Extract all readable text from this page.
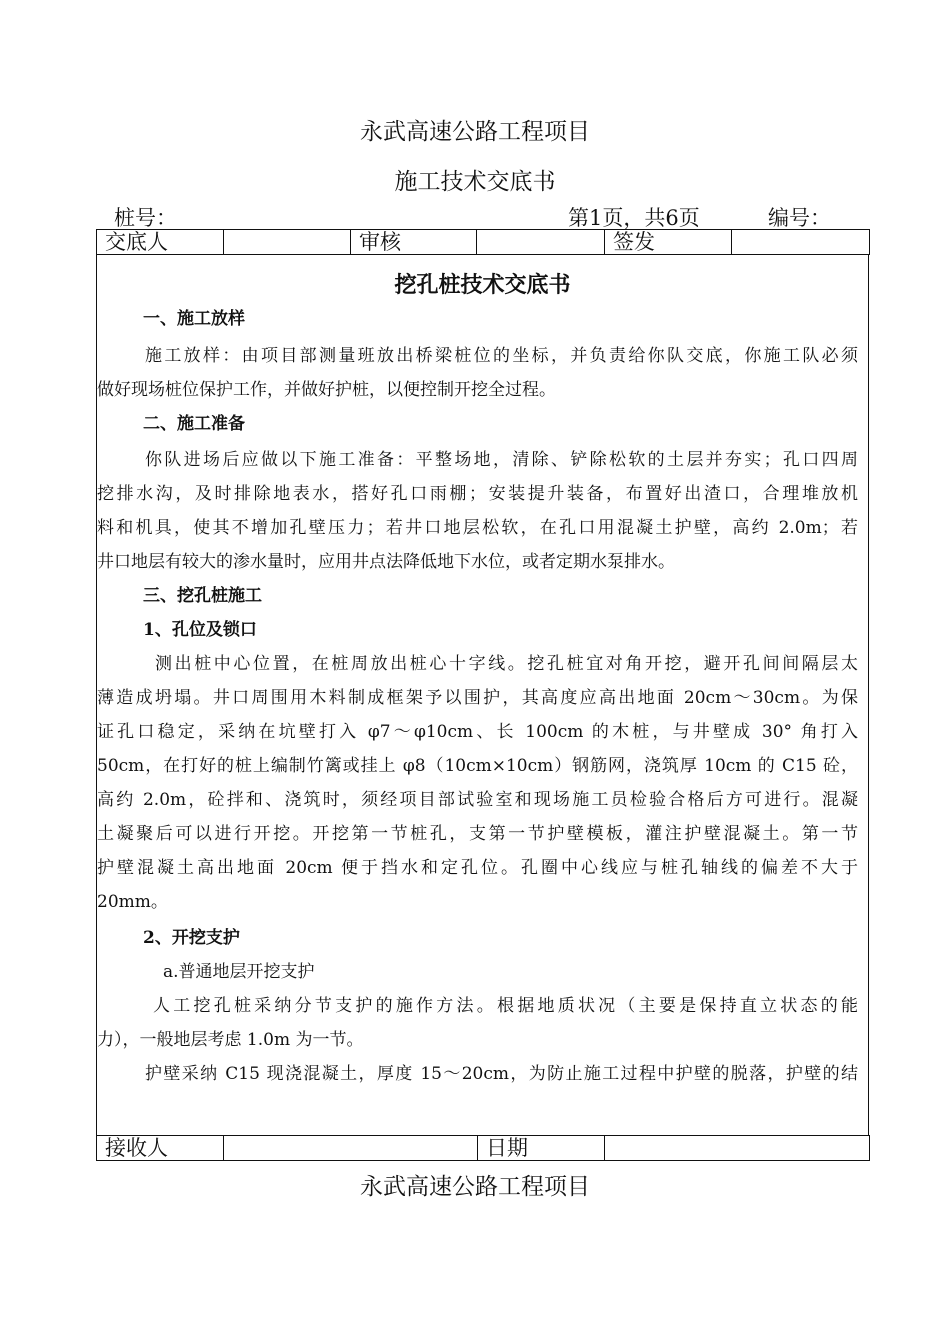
永武高速公路工程项目
施工技术交底书
桩号：	第1页，共6页	编号：
交底人		审核		签发	
挖孔桩技术交底书
一、施工放样
施工放样：由项目部测量班放出桥梁桩位的坐标，并负责给你队交底，你施工队必须
做好现场桩位保护工作，并做好护桩，以便控制开挖全过程。
二、施工准备
你队进场后应做以下施工准备：平整场地，清除、铲除松软的土层并夯实；孔口四周
挖排水沟，及时排除地表水，搭好孔口雨棚；安装提升装备，布置好出渣口，合理堆放机
料和机具，使其不增加孔壁压力；若井口地层松软，在孔口用混凝土护壁，高约 2.0m；若
井口地层有较大的渗水量时，应用井点法降低地下水位，或者定期水泵排水。
三、挖孔桩施工
1、孔位及锁口
测出桩中心位置，在桩周放出桩心十字线。挖孔桩宜对角开挖，避开孔间间隔层太
薄造成坍塌。井口周围用木料制成框架予以围护，其高度应高出地面 20cm～30cm。为保
证孔口稳定，采纳在坑壁打入 φ7～φ10cm、长 100cm 的木桩，与井壁成 30° 角打入
50cm，在打好的桩上编制竹篱或挂上 φ8（10cm×10cm）钢筋网，浇筑厚 10cm 的 C15 砼，
高约 2.0m，砼拌和、浇筑时，须经项目部试验室和现场施工员检验合格后方可进行。混凝
土凝聚后可以进行开挖。开挖第一节桩孔，支第一节护壁模板，灌注护壁混凝土。第一节
护壁混凝土高出地面 20cm 便于挡水和定孔位。孔圈中心线应与桩孔轴线的偏差不大于
20mm。
2、开挖支护
a.普通地层开挖支护
人工挖孔桩采纳分节支护的施作方法。根据地质状况（主要是保持直立状态的能
力），一般地层考虑 1.0m 为一节。
护壁采纳 C15 现浇混凝土，厚度 15～20cm，为防止施工过程中护壁的脱落，护壁的结
接收人		日期	
永武高速公路工程项目
